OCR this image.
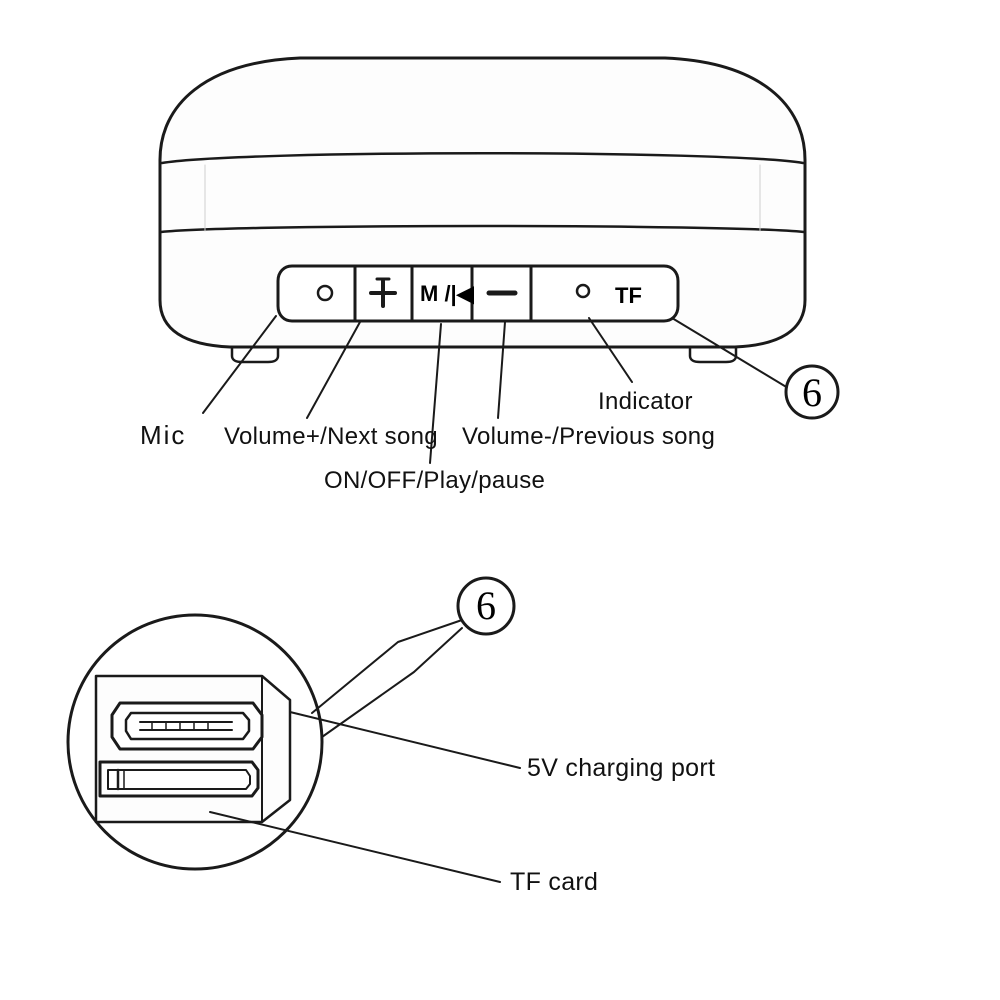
M /|◀	TF
6
6
Mic Volume+/Next song
ON/OFF/Play/pause
Volume-/Previous song
Indicator
5V charging port
TF card
